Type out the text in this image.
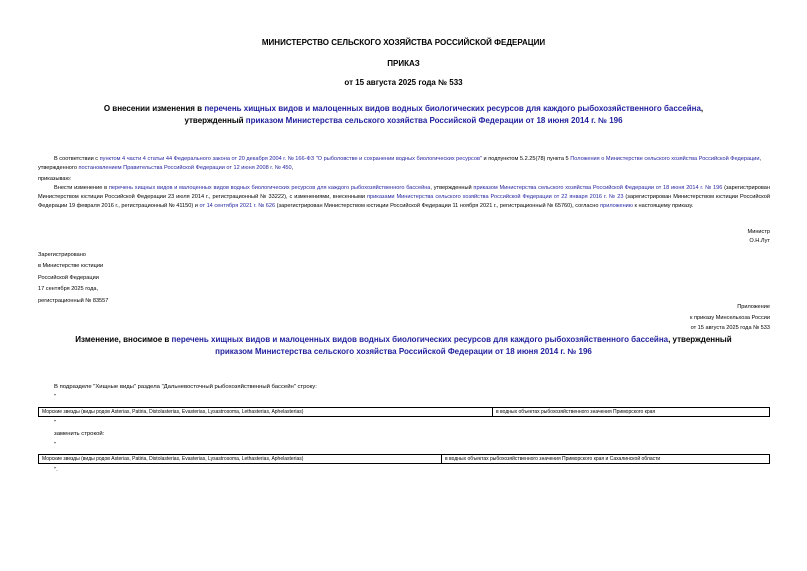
МИНИСТЕРСТВО СЕЛЬСКОГО ХОЗЯЙСТВА РОССИЙСКОЙ ФЕДЕРАЦИИ
ПРИКАЗ
от 15 августа 2025 года № 533
О внесении изменения в перечень хищных видов и малоценных видов водных биологических ресурсов для каждого рыбохозяйственного бассейна,
утвержденный приказом Министерства сельского хозяйства Российской Федерации от 18 июня 2014 г. № 196
В соответствии с пунктом 4 части 4 статьи 44 Федерального закона от 20 декабря 2004 г. № 166-ФЗ "О рыболовстве и сохранении водных биологических ресурсов" и подпунктом 5.2.25(78) пункта 5 Положения о Министерстве сельского хозяйства Российской Федерации, утвержденного постановлением Правительства Российской Федерации от 12 июня 2008 г. № 450,
приказываю:
Внести изменение в перечень хищных видов и малоценных видов водных биологических ресурсов для каждого рыбохозяйственного бассейна, утвержденный приказом Министерства сельского хозяйства Российской Федерации от 18 июня 2014 г. № 196 (зарегистрирован Министерством юстиции Российской Федерации 23 июля 2014 г., регистрационный № 33222), с изменениями, внесенными приказами Министерства сельского хозяйства Российской Федерации от 22 января 2016 г. № 23 (зарегистрирован Министерством юстиции Российской Федерации 19 февраля 2016 г., регистрационный № 41150) и от 14 сентября 2021 г. № 626 (зарегистрирован Министерством юстиции Российской Федерации 11 ноября 2021 г., регистрационный № 65760), согласно приложению к настоящему приказу.
Министр
О.Н.Лут
Зарегистрировано
в Министерстве юстиции
Российской Федерации
17 сентября 2025 года,
регистрационный № 83557
Приложение
к приказу Минсельхоза России
от 15 августа 2025 года № 533
Изменение, вносимое в перечень хищных видов и малоценных видов водных биологических ресурсов для каждого рыбохозяйственного бассейна, утвержденный
приказом Министерства сельского хозяйства Российской Федерации от 18 июня 2014 г. № 196
В подразделе "Хищные виды" раздела "Дальневосточный рыбохозяйственный бассейн" строку:
"
Морские звезды (виды родов Asterias, Patiria, Distolasterias, Evasterias, Lysastrosoma, Lethasterias, Aphelasterias)	в водных объектах рыбохозяйственного значения Приморского края
"
заменить строкой:
"
Морские звезды (виды родов Asterias, Patiria, Distolasterias, Evasterias, Lysastrosoma, Lethasterias, Aphelasterias)	в водных объектах рыбохозяйственного значения Приморского края и Сахалинской области
".
